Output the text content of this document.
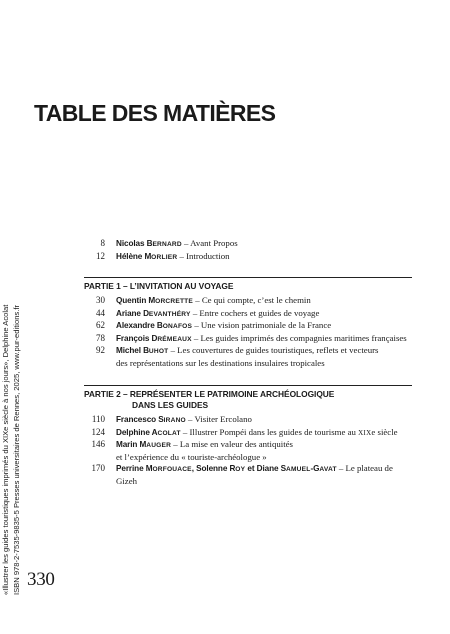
TABLE DES MATIÈRES
«Illustrer les guides touristiques imprimés du XIXe siècle à nos jours», Delphine Acolat ISBN 978-2-7535-9835-5 Presses universitaires de Rennes, 2025, www.pur-editions.fr 330

8 Nicolas BERNARD – Avant Propos
12 Hélène MORLIER – Introduction
PARTIE 1 – L’INVITATION AU VOYAGE
30 Quentin MORCRETTE – Ce qui compte, c’est le chemin
44 Ariane DEVANTHÉRY – Entre cochers et guides de voyage
62 Alexandre BONAFOS – Une vision patrimoniale de la France
78 François DRÉMEAUX – Les guides imprimés des compagnies maritimes françaises
92 Michel BUHOT – Les couvertures de guides touristiques, reflets et vecteurs
des représentations sur les destinations insulaires tropicales
PARTIE 2 – REPRÉSENTER LE PATRIMOINE ARCHÉOLOGIQUE
DANS LES GUIDES
110 Francesco SIRANO – Visiter Ercolano
124 Delphine ACOLAT – Illustrer Pompéi dans les guides de tourisme au XIXe siècle
146 Marin MAUGER – La mise en valeur des antiquités
et l’expérience du « touriste-archéologue »
170 Perrine MORFOUACE, Solenne ROY et Diane SAMUEL-GAVAT – Le plateau de Gizeh
